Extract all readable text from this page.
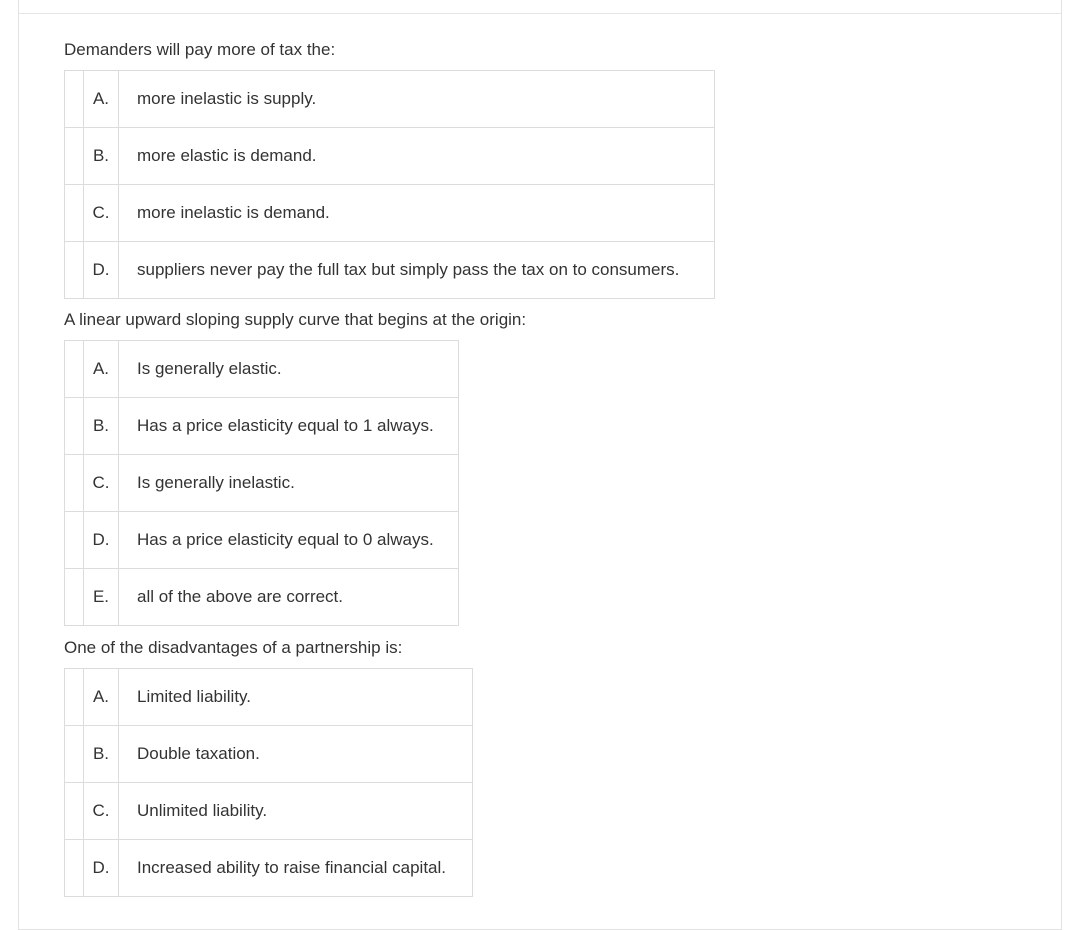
Demanders will pay more of tax the:
	A.	more inelastic is supply.
	B.	more elastic is demand.
	C.	more inelastic is demand.
	D.	suppliers never pay the full tax but simply pass the tax on to consumers.
A linear upward sloping supply curve that begins at the origin:
	A.	Is generally elastic.
	B.	Has a price elasticity equal to 1 always.
	C.	Is generally inelastic.
	D.	Has a price elasticity equal to 0 always.
	E.	all of the above are correct.
One of the disadvantages of a partnership is:
	A.	Limited liability.
	B.	Double taxation.
	C.	Unlimited liability.
	D.	Increased ability to raise financial capital.
